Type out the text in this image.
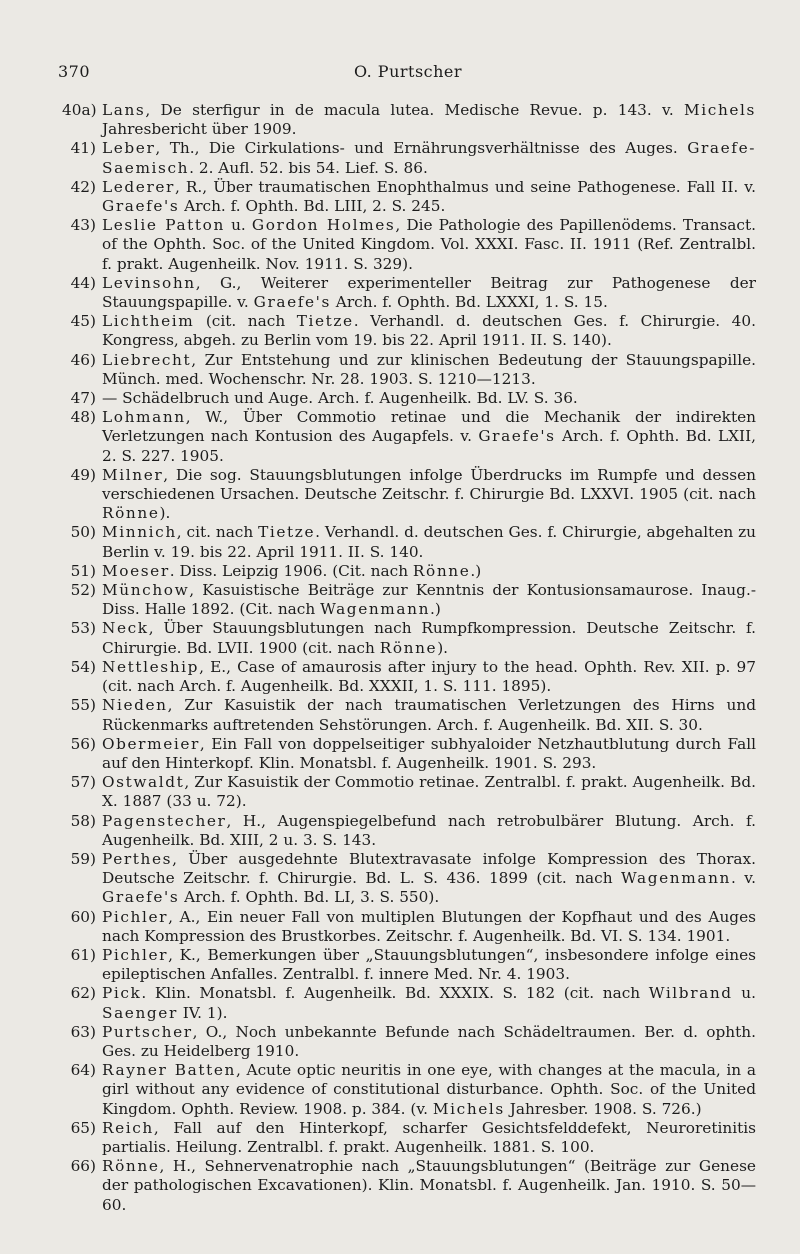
370	O. Purtscher
40a) Lans, De sterfigur in de macula lutea. Medische Revue. p. 143. v. Michels Jahresbericht über 1909.
41) Leber, Th., Die Cirkulations- und Ernährungsverhältnisse des Auges. Graefe-Saemisch. 2. Aufl. 52. bis 54. Lief. S. 86.
42) Lederer, R., Über traumatischen Enophthalmus und seine Pathogenese. Fall II. v. Graefe's Arch. f. Ophth. Bd. LIII, 2. S. 245.
43) Leslie Patton u. Gordon Holmes, Die Pathologie des Papillenödems. Transact. of the Ophth. Soc. of the United Kingdom. Vol. XXXI. Fasc. II. 1911 (Ref. Zentralbl. f. prakt. Augenheilk. Nov. 1911. S. 329).
44) Levinsohn, G., Weiterer experimenteller Beitrag zur Pathogenese der Stauungspapille. v. Graefe's Arch. f. Ophth. Bd. LXXXI, 1. S. 15.
45) Lichtheim (cit. nach Tietze. Verhandl. d. deutschen Ges. f. Chirurgie. 40. Kongress, abgeh. zu Berlin vom 19. bis 22. April 1911. II. S. 140).
46) Liebrecht, Zur Entstehung und zur klinischen Bedeutung der Stauungspapille. Münch. med. Wochenschr. Nr. 28. 1903. S. 1210—1213.
47) — Schädelbruch und Auge. Arch. f. Augenheilk. Bd. LV. S. 36.
48) Lohmann, W., Über Commotio retinae und die Mechanik der indirekten Verletzungen nach Kontusion des Augapfels. v. Graefe's Arch. f. Ophth. Bd. LXII, 2. S. 227. 1905.
49) Milner, Die sog. Stauungsblutungen infolge Überdrucks im Rumpfe und dessen verschiedenen Ursachen. Deutsche Zeitschr. f. Chirurgie Bd. LXXVI. 1905 (cit. nach Rönne).
50) Minnich, cit. nach Tietze. Verhandl. d. deutschen Ges. f. Chirurgie, abgehalten zu Berlin v. 19. bis 22. April 1911. II. S. 140.
51) Moeser. Diss. Leipzig 1906. (Cit. nach Rönne.)
52) Münchow, Kasuistische Beiträge zur Kenntnis der Kontusionsamaurose. Inaug.-Diss. Halle 1892. (Cit. nach Wagenmann.)
53) Neck, Über Stauungsblutungen nach Rumpfkompression. Deutsche Zeitschr. f. Chirurgie. Bd. LVII. 1900 (cit. nach Rönne).
54) Nettleship, E., Case of amaurosis after injury to the head. Ophth. Rev. XII. p. 97 (cit. nach Arch. f. Augenheilk. Bd. XXXII, 1. S. 111. 1895).
55) Nieden, Zur Kasuistik der nach traumatischen Verletzungen des Hirns und Rückenmarks auftretenden Sehstörungen. Arch. f. Augenheilk. Bd. XII. S. 30.
56) Obermeier, Ein Fall von doppelseitiger subhyaloider Netzhautblutung durch Fall auf den Hinterkopf. Klin. Monatsbl. f. Augenheilk. 1901. S. 293.
57) Ostwaldt, Zur Kasuistik der Commotio retinae. Zentralbl. f. prakt. Augenheilk. Bd. X. 1887 (33 u. 72).
58) Pagenstecher, H., Augenspiegelbefund nach retrobulbärer Blutung. Arch. f. Augenheilk. Bd. XIII, 2 u. 3. S. 143.
59) Perthes, Über ausgedehnte Blutextravasate infolge Kompression des Thorax. Deutsche Zeitschr. f. Chirurgie. Bd. L. S. 436. 1899 (cit. nach Wagenmann. v. Graefe's Arch. f. Ophth. Bd. LI, 3. S. 550).
60) Pichler, A., Ein neuer Fall von multiplen Blutungen der Kopfhaut und des Auges nach Kompression des Brustkorbes. Zeitschr. f. Augenheilk. Bd. VI. S. 134. 1901.
61) Pichler, K., Bemerkungen über „Stauungsblutungen“, insbesondere infolge eines epileptischen Anfalles. Zentralbl. f. innere Med. Nr. 4. 1903.
62) Pick. Klin. Monatsbl. f. Augenheilk. Bd. XXXIX. S. 182 (cit. nach Wilbrand u. Saenger IV. 1).
63) Purtscher, O., Noch unbekannte Befunde nach Schädeltraumen. Ber. d. ophth. Ges. zu Heidelberg 1910.
64) Rayner Batten, Acute optic neuritis in one eye, with changes at the macula, in a girl without any evidence of constitutional disturbance. Ophth. Soc. of the United Kingdom. Ophth. Review. 1908. p. 384. (v. Michels Jahresber. 1908. S. 726.)
65) Reich, Fall auf den Hinterkopf, scharfer Gesichtsfelddefekt, Neuroretinitis partialis. Heilung. Zentralbl. f. prakt. Augenheilk. 1881. S. 100.
66) Rönne, H., Sehnervenatrophie nach „Stauungsblutungen“ (Beiträge zur Genese der pathologischen Excavationen). Klin. Monatsbl. f. Augenheilk. Jan. 1910. S. 50—60.
